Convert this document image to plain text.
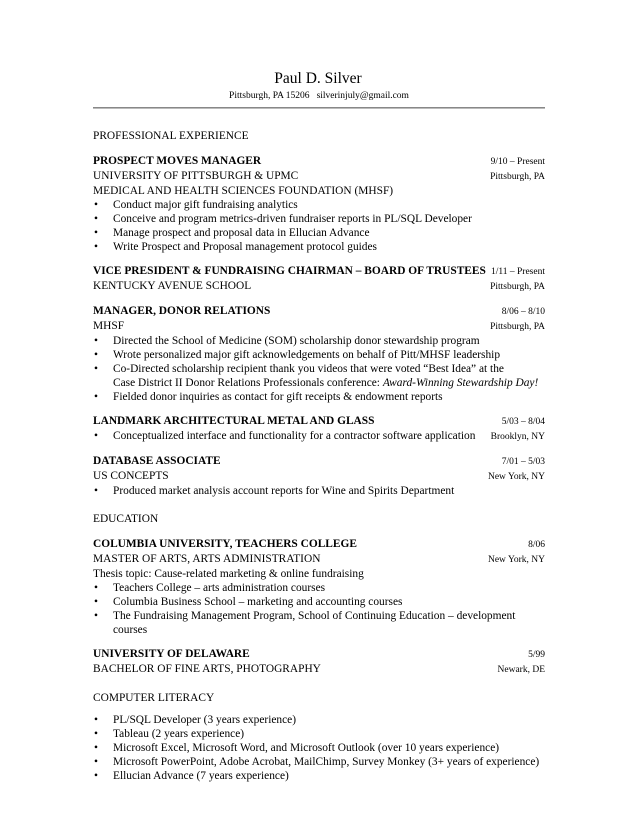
Paul D. Silver
Pittsburgh, PA 15206 silverinjuly@gmail.com
PROFESSIONAL EXPERIENCE
PROSPECT MOVES MANAGER	9/10 – Present
UNIVERSITY OF PITTSBURGH & UPMC	Pittsburgh, PA
MEDICAL AND HEALTH SCIENCES FOUNDATION (MHSF)
• Conduct major gift fundraising analytics
• Conceive and program metrics-driven fundraiser reports in PL/SQL Developer
• Manage prospect and proposal data in Ellucian Advance
• Write Prospect and Proposal management protocol guides
VICE PRESIDENT & FUNDRAISING CHAIRMAN – BOARD OF TRUSTEES 1/11 – Present
KENTUCKY AVENUE SCHOOL	Pittsburgh, PA
MANAGER, DONOR RELATIONS	8/06 – 8/10
MHSF	Pittsburgh, PA
• Directed the School of Medicine (SOM) scholarship donor stewardship program
• Wrote personalized major gift acknowledgements on behalf of Pitt/MHSF leadership
• Co-Directed scholarship recipient thank you videos that were voted “Best Idea” at the
Case District II Donor Relations Professionals conference: Award-Winning Stewardship Day!
• Fielded donor inquiries as contact for gift receipts & endowment reports
LANDMARK ARCHITECTURAL METAL AND GLASS	5/03 – 8/04
• Conceptualized interface and functionality for a contractor software application Brooklyn, NY
DATABASE ASSOCIATE	7/01 – 5/03
US CONCEPTS	New York, NY
• Produced market analysis account reports for Wine and Spirits Department
EDUCATION
COLUMBIA UNIVERSITY, TEACHERS COLLEGE	8/06
MASTER OF ARTS, ARTS ADMINISTRATION	New York, NY
Thesis topic: Cause-related marketing & online fundraising
• Teachers College – arts administration courses
• Columbia Business School – marketing and accounting courses
• The Fundraising Management Program, School of Continuing Education – development courses
UNIVERSITY OF DELAWARE	5/99
BACHELOR OF FINE ARTS, PHOTOGRAPHY	Newark, DE
COMPUTER LITERACY
• PL/SQL Developer (3 years experience)
• Tableau (2 years experience)
• Microsoft Excel, Microsoft Word, and Microsoft Outlook (over 10 years experience)
• Microsoft PowerPoint, Adobe Acrobat, MailChimp, Survey Monkey (3+ years of experience)
• Ellucian Advance (7 years experience)
